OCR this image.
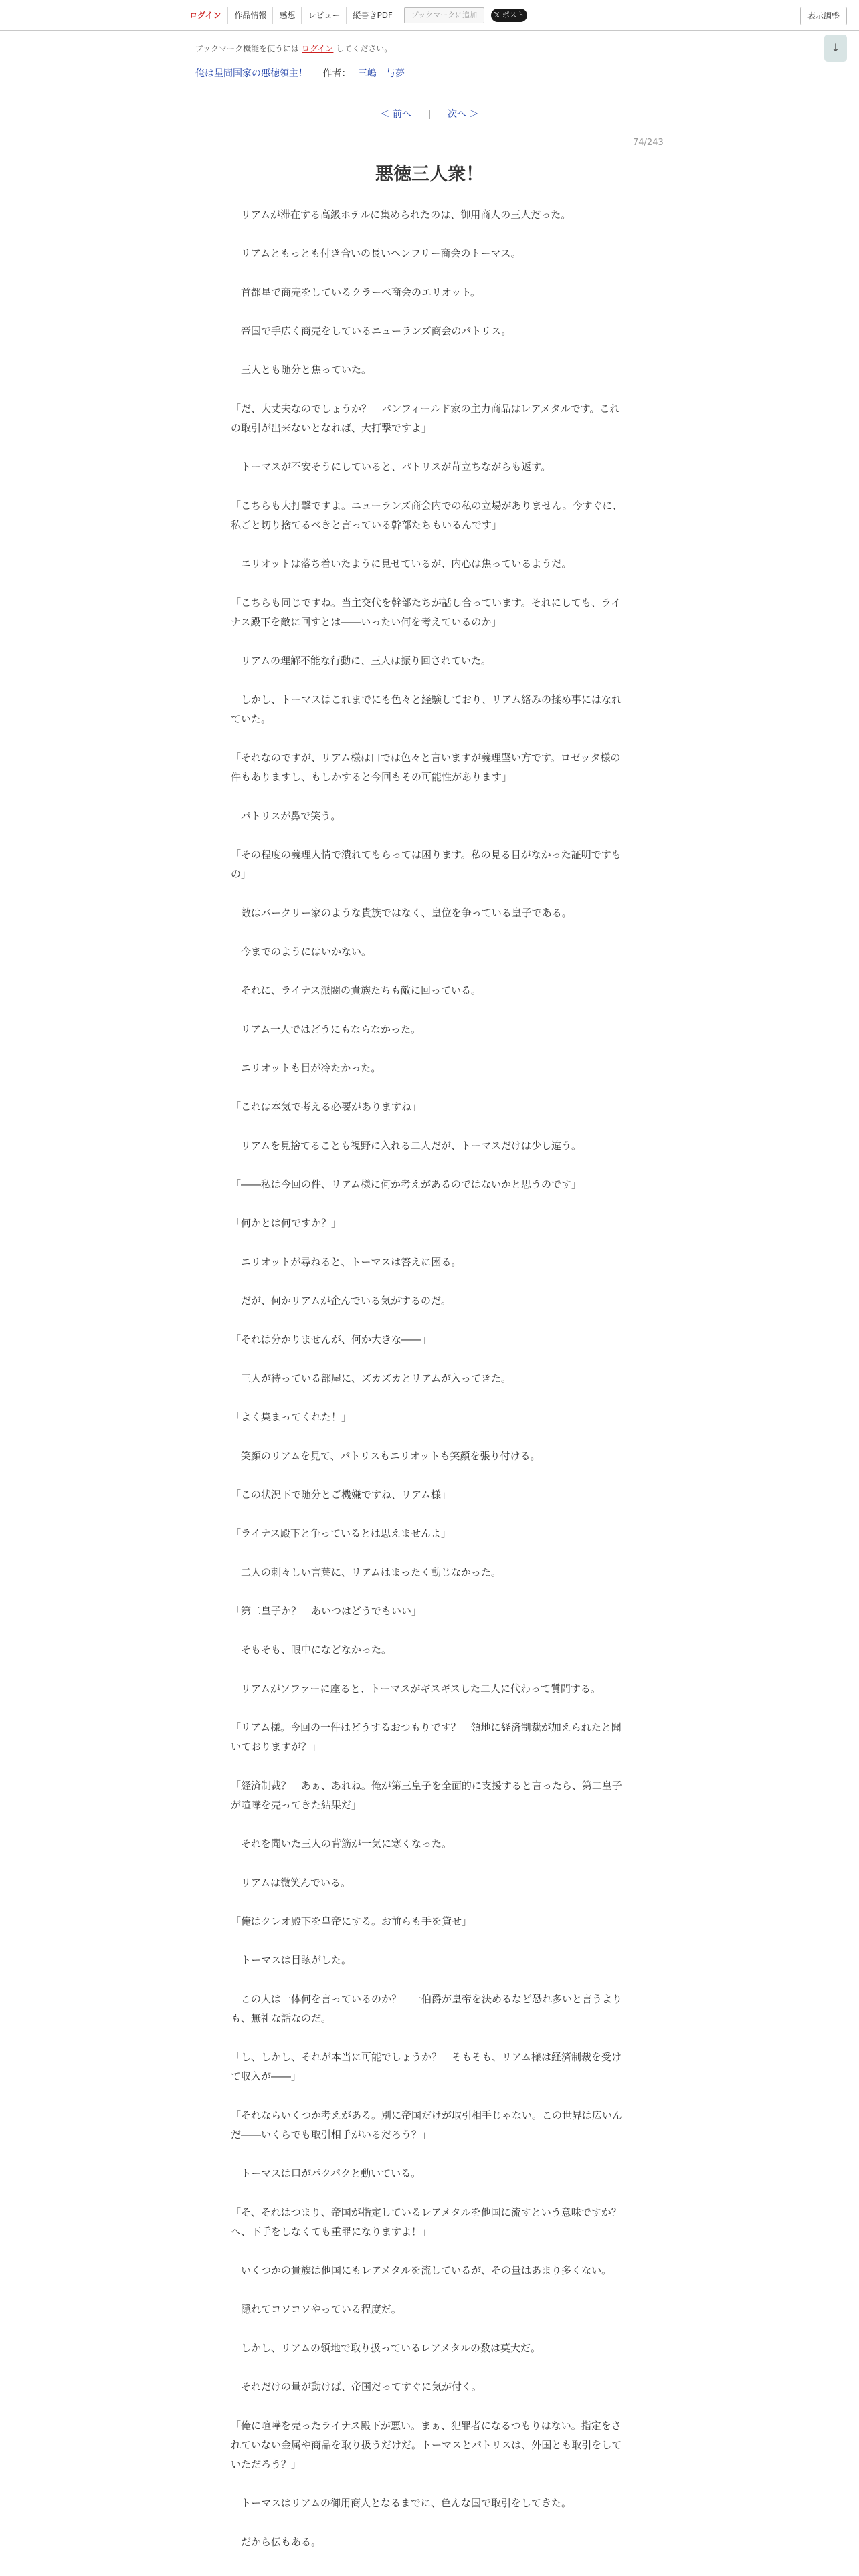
ログイン	作品情報	感想	レビュー	縦書きPDF	ブックマークに追加	𝕏 ポスト	表示調整
↓
ブックマーク機能を使うには ログイン してください。
俺は星間国家の悪徳領主！ 作者： 三嶋　与夢
＜ 前へ	次へ ＞
74/243
悪徳三人衆！

　リアムが滞在する高級ホテルに集められたのは、御用商人の三人だった。

　リアムともっとも付き合いの長いヘンフリー商会のトーマス。

　首都星で商売をしているクラーベ商会のエリオット。

　帝国で手広く商売をしているニューランズ商会のパトリス。

　三人とも随分と焦っていた。

「だ、大丈夫なのでしょうか？　バンフィールド家の主力商品はレアメタルです。これの取引が出来ないとなれば、大打撃ですよ」

　トーマスが不安そうにしていると、パトリスが苛立ちながらも返す。

「こちらも大打撃ですよ。ニューランズ商会内での私の立場がありません。今すぐに、私ごと切り捨てるべきと言っている幹部たちもいるんです」

　エリオットは落ち着いたように見せているが、内心は焦っているようだ。

「こちらも同じですね。当主交代を幹部たちが話し合っています。それにしても、ライナス殿下を敵に回すとは――いったい何を考えているのか」

　リアムの理解不能な行動に、三人は振り回されていた。

　しかし、トーマスはこれまでにも色々と経験しており、リアム絡みの揉め事にはなれていた。

「それなのですが、リアム様は口では色々と言いますが義理堅い方です。ロゼッタ様の件もありますし、もしかすると今回もその可能性があります」

　パトリスが鼻で笑う。

「その程度の義理人情で潰れてもらっては困ります。私の見る目がなかった証明ですもの」

　敵はバークリー家のような貴族ではなく、皇位を争っている皇子である。

　今までのようにはいかない。

　それに、ライナス派閥の貴族たちも敵に回っている。

　リアム一人ではどうにもならなかった。

　エリオットも目が冷たかった。

「これは本気で考える必要がありますね」

　リアムを見捨てることも視野に入れる二人だが、トーマスだけは少し違う。

「――私は今回の件、リアム様に何か考えがあるのではないかと思うのです」

「何かとは何ですか？」

　エリオットが尋ねると、トーマスは答えに困る。

　だが、何かリアムが企んでいる気がするのだ。

「それは分かりませんが、何か大きな――」

　三人が待っている部屋に、ズカズカとリアムが入ってきた。

「よく集まってくれた！」

　笑顔のリアムを見て、パトリスもエリオットも笑顔を張り付ける。

「この状況下で随分とご機嫌ですね、リアム様」

「ライナス殿下と争っているとは思えませんよ」

　二人の刺々しい言葉に、リアムはまったく動じなかった。

「第二皇子か？　あいつはどうでもいい」

　そもそも、眼中になどなかった。

　リアムがソファーに座ると、トーマスがギスギスした二人に代わって質問する。

「リアム様。今回の一件はどうするおつもりです？　領地に経済制裁が加えられたと聞いておりますが？」

「経済制裁？　あぁ、あれね。俺が第三皇子を全面的に支援すると言ったら、第二皇子が喧嘩を売ってきた結果だ」

　それを聞いた三人の背筋が一気に寒くなった。

　リアムは微笑んでいる。

「俺はクレオ殿下を皇帝にする。お前らも手を貸せ」

　トーマスは目眩がした。

　この人は一体何を言っているのか？　一伯爵が皇帝を決めるなど恐れ多いと言うよりも、無礼な話なのだ。

「し、しかし、それが本当に可能でしょうか？　そもそも、リアム様は経済制裁を受けて収入が――」

「それならいくつか考えがある。別に帝国だけが取引相手じゃない。この世界は広いんだ――いくらでも取引相手がいるだろう？」

　トーマスは口がパクパクと動いている。

「そ、それはつまり、帝国が指定しているレアメタルを他国に流すという意味ですか？　へ、下手をしなくても重罪になりますよ！」

　いくつかの貴族は他国にもレアメタルを流しているが、その量はあまり多くない。

　隠れてコソコソやっている程度だ。

　しかし、リアムの領地で取り扱っているレアメタルの数は莫大だ。

　それだけの量が動けば、帝国だってすぐに気が付く。

「俺に喧嘩を売ったライナス殿下が悪い。まぁ、犯罪者になるつもりはない。指定をされていない金属や商品を取り扱うだけだ。トーマスとパトリスは、外国とも取引をしていただろう？」

　トーマスはリアムの御用商人となるまでに、色んな国で取引をしてきた。

　だから伝もある。
